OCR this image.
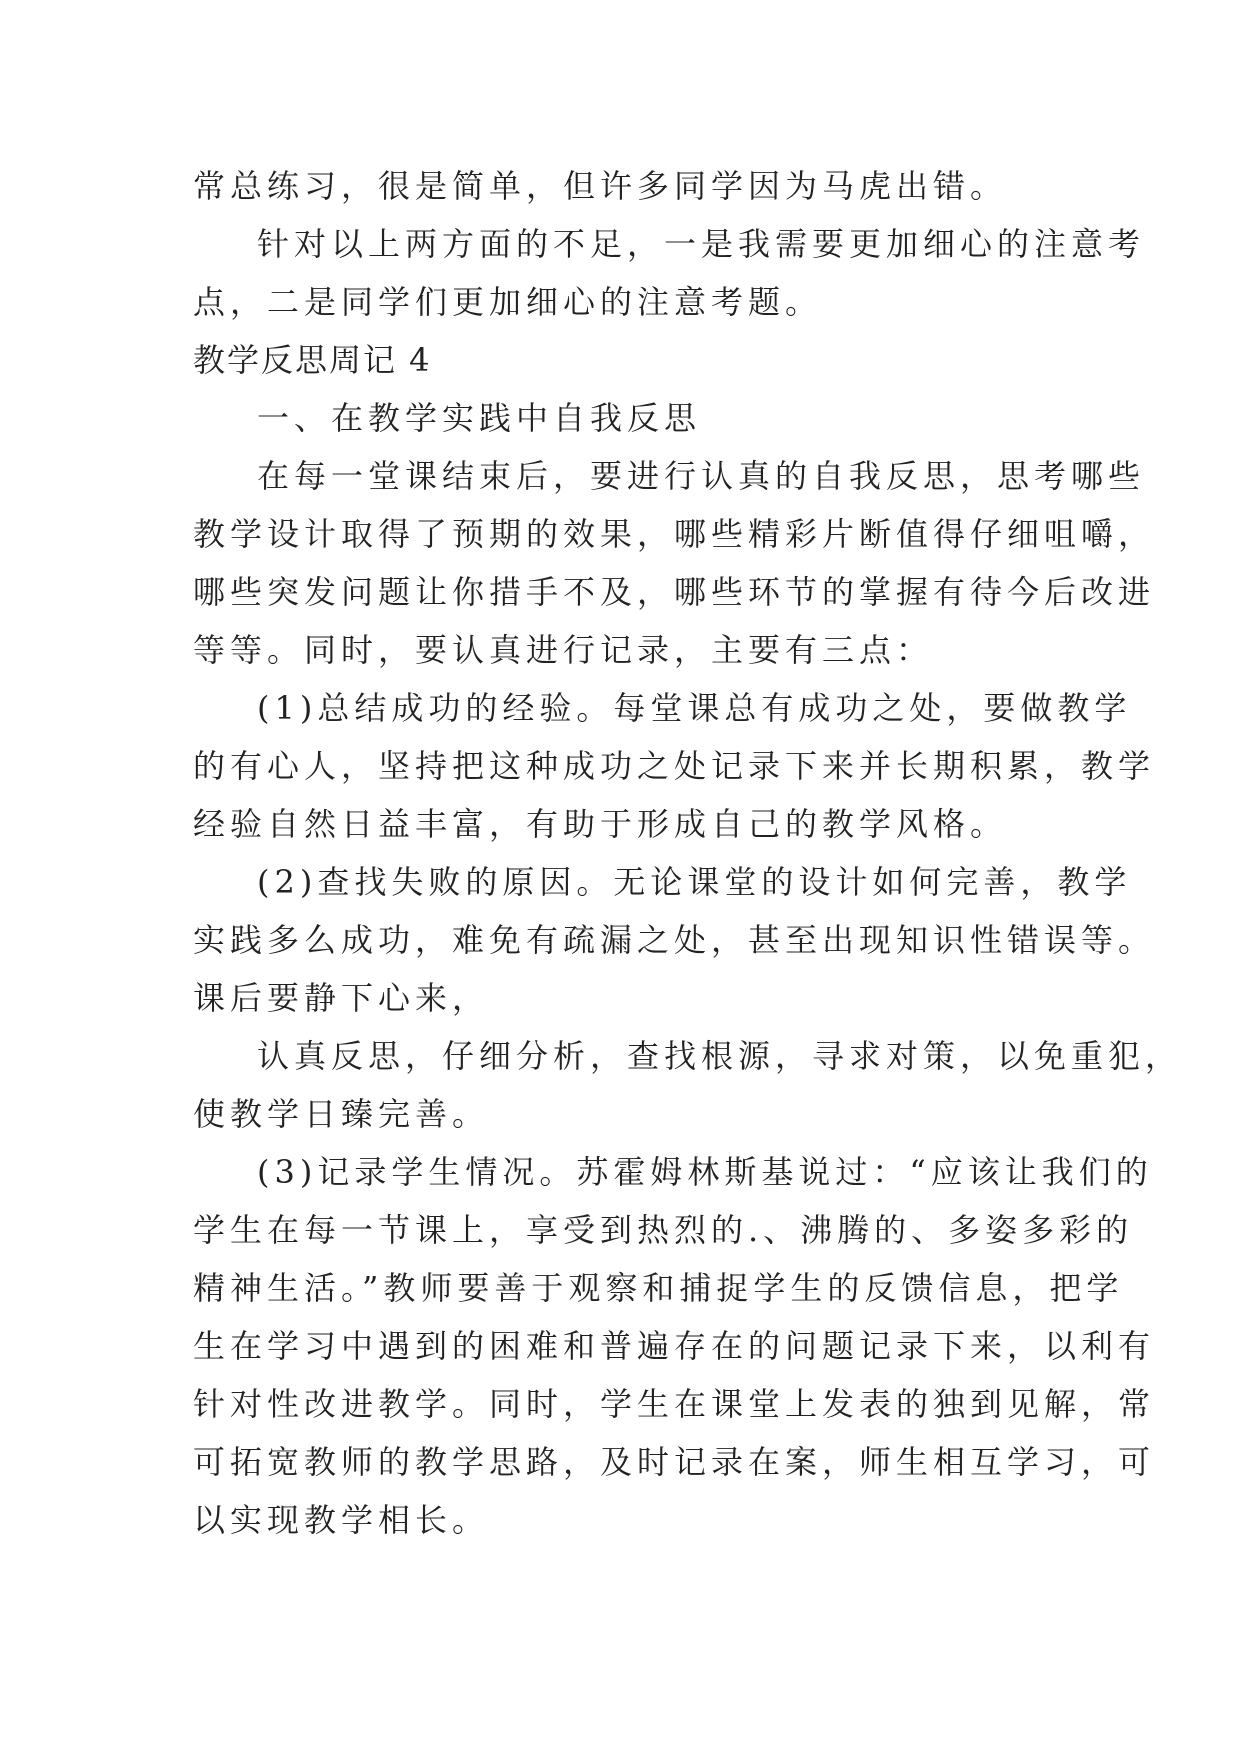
常总练习，很是简单，但许多同学因为马虎出错。

针对以上两方面的不足，一是我需要更加细心的注意考

点，二是同学们更加细心的注意考题。

教学反思周记 4

一、在教学实践中自我反思

在每一堂课结束后，要进行认真的自我反思，思考哪些

教学设计取得了预期的效果，哪些精彩片断值得仔细咀嚼，

哪些突发问题让你措手不及，哪些环节的掌握有待今后改进

等等。同时，要认真进行记录，主要有三点：

(1)总结成功的经验。每堂课总有成功之处，要做教学

的有心人，坚持把这种成功之处记录下来并长期积累，教学

经验自然日益丰富，有助于形成自己的教学风格。

(2)查找失败的原因。无论课堂的设计如何完善，教学

实践多么成功，难免有疏漏之处，甚至出现知识性错误等。

课后要静下心来，

认真反思，仔细分析，查找根源，寻求对策，以免重犯，

使教学日臻完善。

(3)记录学生情况。苏霍姆林斯基说过：“应该让我们的

学生在每一节课上，享受到热烈的.、沸腾的、多姿多彩的

精神生活。”教师要善于观察和捕捉学生的反馈信息，把学

生在学习中遇到的困难和普遍存在的问题记录下来，以利有

针对性改进教学。同时，学生在课堂上发表的独到见解，常

可拓宽教师的教学思路，及时记录在案，师生相互学习，可

以实现教学相长。
